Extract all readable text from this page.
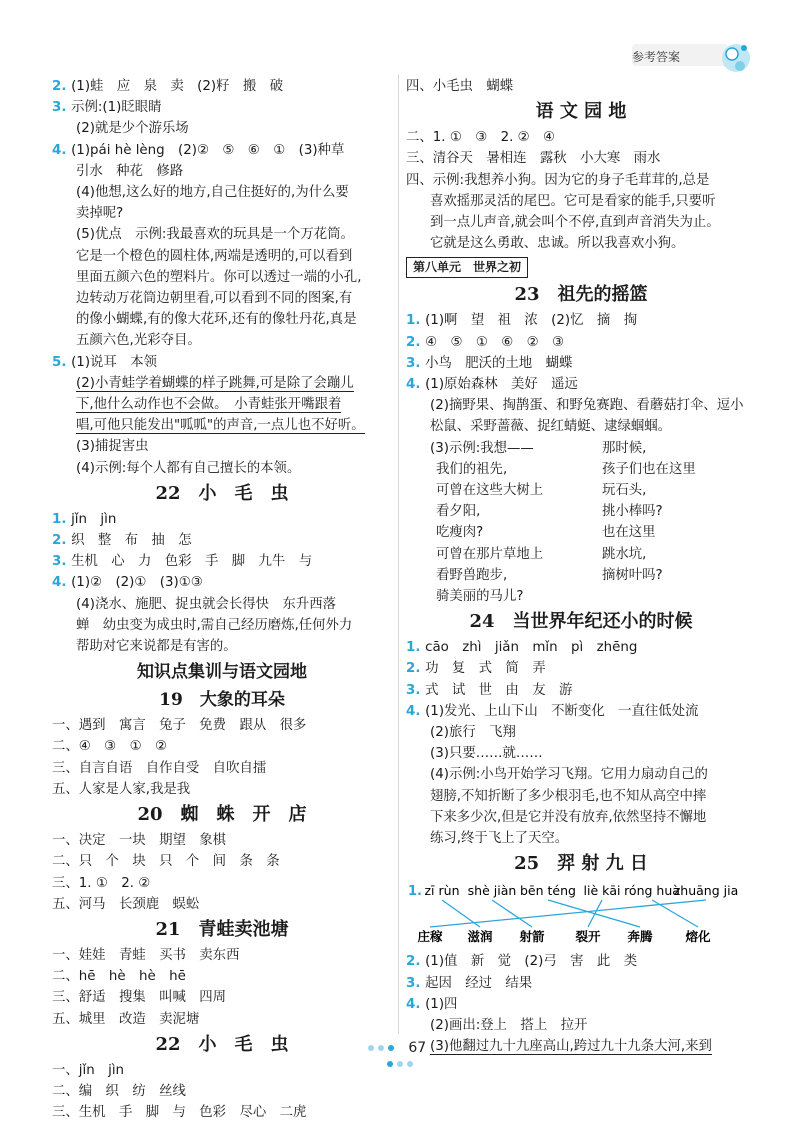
参考答案
2. (1)蛙　应　泉　卖　(2)籽　搬　破
3. 示例:(1)眨眼睛
(2)就是少个游乐场
4. (1)pái hè lèng　(2)②　⑤　⑥　①　(3)种草
引水　种花　修路
(4)他想,这么好的地方,自己住挺好的,为什么要
卖掉呢?
(5)优点　示例:我最喜欢的玩具是一个万花筒。
它是一个橙色的圆柱体,两端是透明的,可以看到
里面五颜六色的塑料片。你可以透过一端的小孔,
边转动万花筒边朝里看,可以看到不同的图案,有
的像小蝴蝶,有的像大花环,还有的像牡丹花,真是
五颜六色,光彩夺目。
5. (1)说耳　本领
(2)小青蛙学着蝴蝶的样子跳舞,可是除了会蹦儿
下,他什么动作也不会做。　小青蛙张开嘴跟着
唱,可他只能发出"呱呱"的声音,一点儿也不好听。
(3)捕捉害虫
(4)示例:每个人都有自己擅长的本领。
22　小　毛　虫
1. jǐn　jìn
2. 织　整　布　抽　怎
3. 生机　心　力　色彩　手　脚　九牛　与
4. (1)②　(2)①　(3)①③
(4)浇水、施肥、捉虫就会长得快　东升西落
蝉　幼虫变为成虫时,需自己经历磨炼,任何外力
帮助对它来说都是有害的。
知识点集训与语文园地
19　大象的耳朵
一、遇到　寓言　兔子　免费　跟从　很多
二、④　③　①　②
三、自言自语　自作自受　自吹自擂
五、人家是人家,我是我
20　蜘　蛛　开　店
一、决定　一块　期望　象棋
二、只　个　块　只　个　间　条　条
三、1. ①　2. ②
五、河马　长颈鹿　蜈蚣
21　青蛙卖池塘
一、娃娃　青蛙　买书　卖东西
二、hē　hè　hè　hē
三、舒适　搜集　叫喊　四周
五、城里　改造　卖泥塘
22　小　毛　虫
一、jǐn　jìn
二、编　织　纺　丝线
三、生机　手　脚　与　色彩　尽心　二虎
四、小毛虫　蝴蝶
语 文 园 地
二、1. ①　③　2. ②　④
三、清谷天　暑相连　露秋　小大寒　雨水
四、示例:我想养小狗。因为它的身子毛茸茸的,总是
喜欢摇那灵活的尾巴。它可是看家的能手,只要听
到一点儿声音,就会叫个不停,直到声音消失为止。
它就是这么勇敢、忠诚。所以我喜欢小狗。
第八单元　世界之初
23　祖先的摇篮
1. (1)啊　望　祖　浓　(2)忆　摘　掏
2. ④　⑤　①　⑥　②　③
3. 小鸟　肥沃的土地　蝴蝶
4. (1)原始森林　美好　遥远
(2)摘野果、掏鹊蛋、和野兔赛跑、看蘑菇打伞、逗小
松鼠、采野蔷薇、捉红蜻蜓、逮绿蝈蝈。
(3)示例:我想——
我们的祖先,
可曾在这些大树上
看夕阳,
吃瘦肉?
可曾在那片草地上
看野兽跑步,
骑美丽的马儿?
那时候,
孩子们也在这里
玩石头,
挑小棒吗?
也在这里
跳水坑,
摘树叶吗?
24　当世界年纪还小的时候
1. cāo　zhì　jiǎn　mǐn　pì　zhēng
2. 功　复　式　简　弄
3. 式　试　世　由　友　游
4. (1)发光、上山下山　不断变化　一直往低处流
(2)旅行　飞翔
(3)只要……就……
(4)示例:小鸟开始学习飞翔。它用力扇动自己的
翅膀,不知折断了多少根羽毛,也不知从高空中摔
下来多少次,但是它并没有放弃,依然坚持不懈地
练习,终于飞上了天空。
25　羿 射 九 日
2. (1)值　新　觉　(2)弓　害　此　类
3. 起因　经过　结果
4. (1)四
(2)画出:登上　搭上　拉开
(3)他翻过九十九座高山,跨过九十九条大河,来到
1. zī rùn shè jiàn bēn téng liè kāi róng huà
zhuāng jia
庄稼 滋润 射箭 裂开 奔腾	熔化
67
